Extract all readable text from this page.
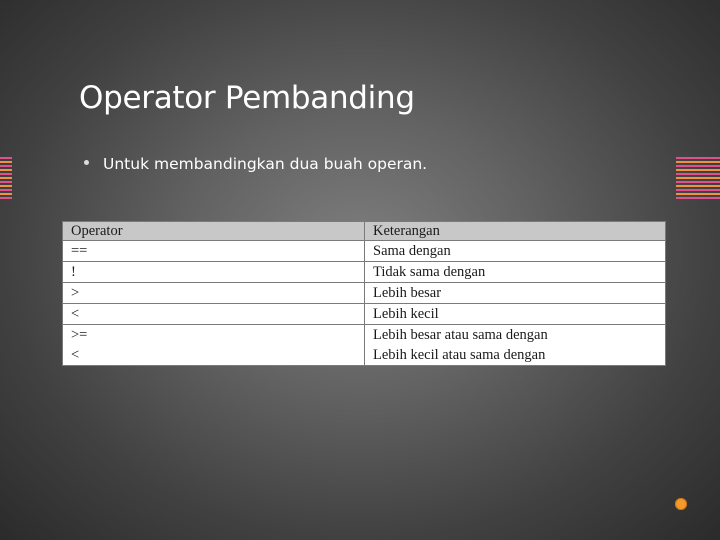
Operator Pembanding
Untuk membandingkan dua buah operan.
Operator	Keterangan
==	Sama dengan
!	Tidak sama dengan
>	Lebih besar
<	Lebih kecil
>=	Lebih besar atau sama dengan
<	Lebih kecil atau sama dengan
